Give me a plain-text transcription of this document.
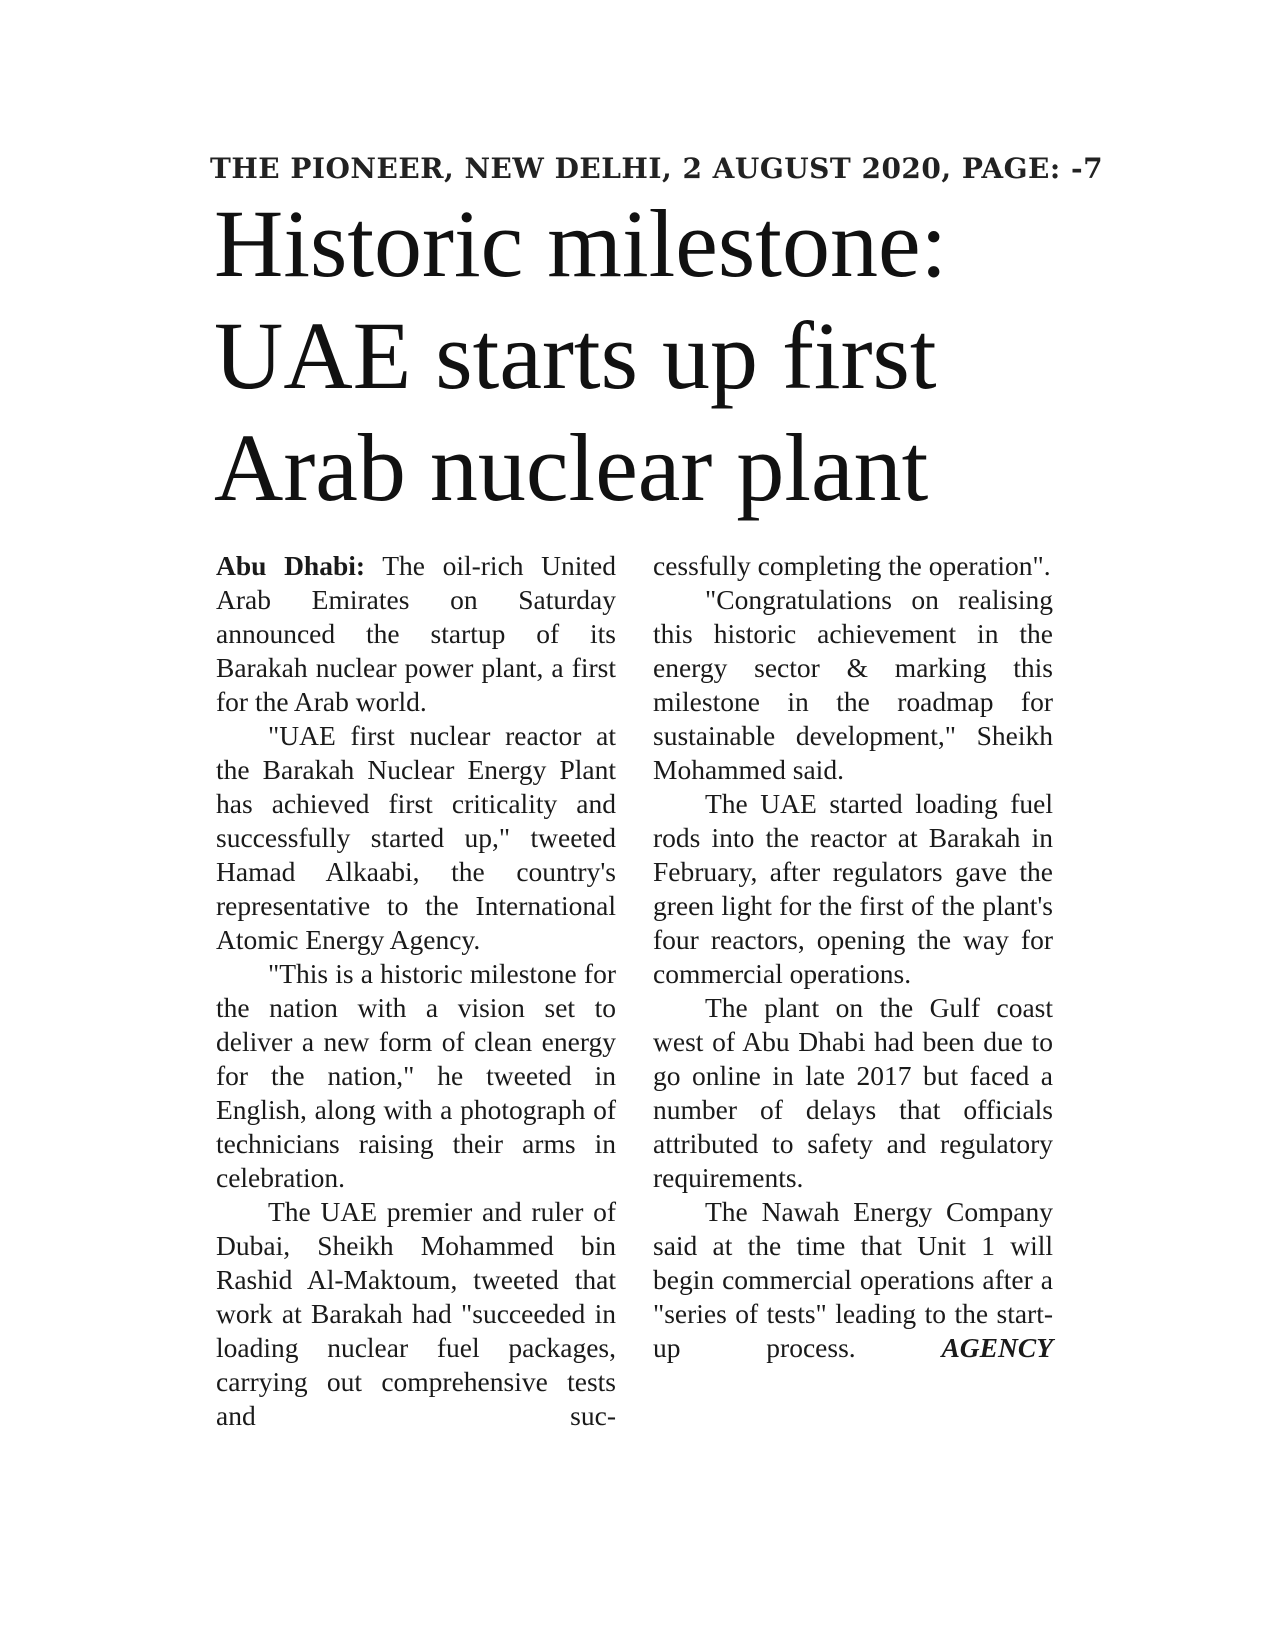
THE PIONEER, NEW DELHI, 2 AUGUST 2020, PAGE: -7
Historic milestone:
UAE starts up first
Arab nuclear plant

Abu Dhabi: The oil-rich United Arab Emirates on Saturday announced the startup of its Barakah nuclear power plant, a first for the Arab world.

"UAE first nuclear reactor at the Barakah Nuclear Energy Plant has achieved first criticality and successfully started up," tweeted Hamad Alkaabi, the country's representative to the International Atomic Energy Agency.

"This is a historic milestone for the nation with a vision set to deliver a new form of clean energy for the nation," he tweeted in English, along with a photograph of technicians raising their arms in celebration.

The UAE premier and ruler of Dubai, Sheikh Mohammed bin Rashid Al-Maktoum, tweeted that work at Barakah had "succeeded in loading nuclear fuel packages, carrying out comprehensive tests and suc-

cessfully completing the operation".

"Congratulations on realising this historic achievement in the energy sector & marking this milestone in the roadmap for sustainable development," Sheikh Mohammed said.

The UAE started loading fuel rods into the reactor at Barakah in February, after regulators gave the green light for the first of the plant's four reactors, opening the way for commercial operations.

The plant on the Gulf coast west of Abu Dhabi had been due to go online in late 2017 but faced a number of delays that officials attributed to safety and regulatory requirements.

The Nawah Energy Company said at the time that Unit 1 will begin commercial operations after a "series of tests" leading to the start-up process.	AGENCY
